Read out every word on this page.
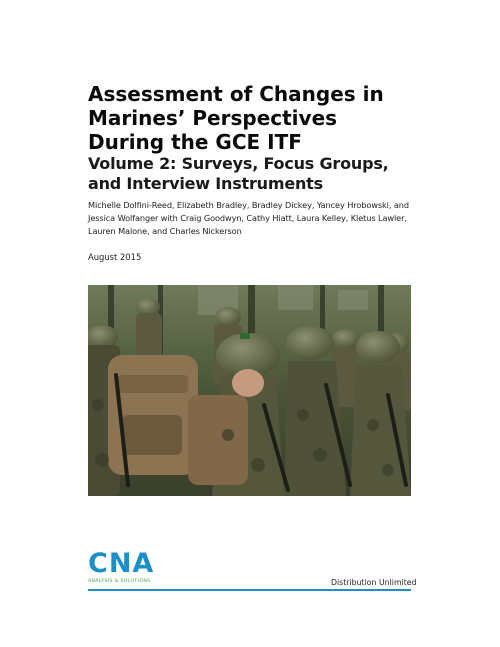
Assessment of Changes in Marines’ Perspectives During the GCE ITF
Volume 2: Surveys, Focus Groups, and Interview Instruments

Michelle Dolfini-Reed, Elizabeth Bradley, Bradley Dickey, Yancey Hrobowski, and Jessica Wolfanger with Craig Goodwyn, Cathy Hiatt, Laura Kelley, Kletus Lawler, Lauren Malone, and Charles Nickerson

August 2015
CNA
ANALYSIS & SOLUTIONS	Distribution Unlimited
